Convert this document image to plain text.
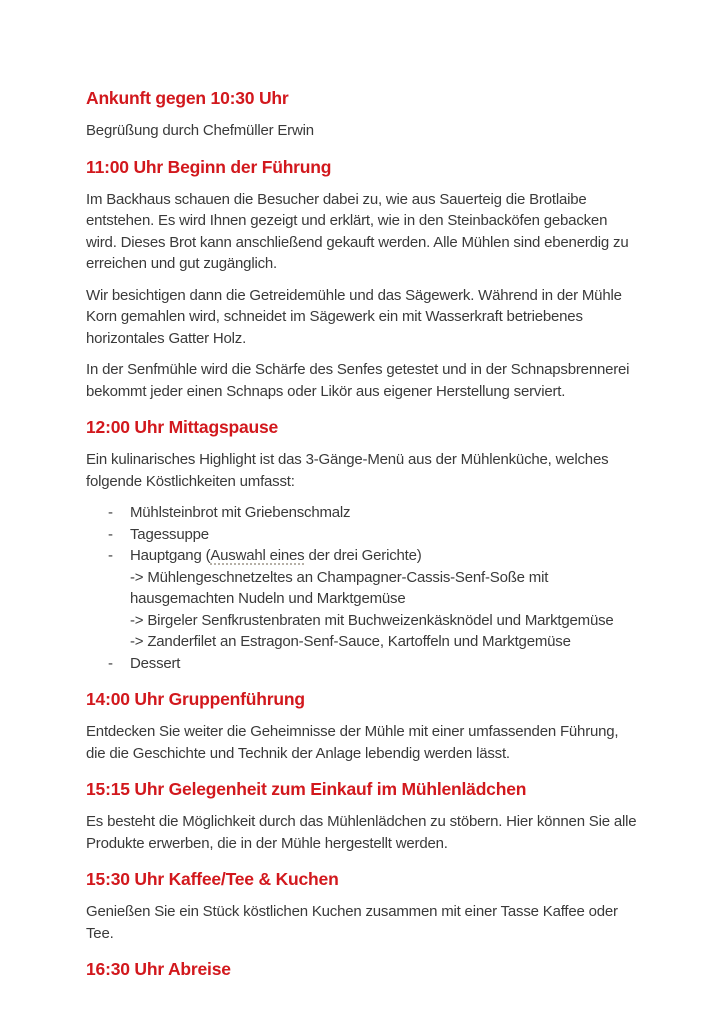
Ankunft gegen 10:30 Uhr

Begrüßung durch Chefmüller Erwin

11:00 Uhr Beginn der Führung

Im Backhaus schauen die Besucher dabei zu, wie aus Sauerteig die Brotlaibe entstehen. Es wird Ihnen gezeigt und erklärt, wie in den Steinbacköfen gebacken wird. Dieses Brot kann anschließend gekauft werden. Alle Mühlen sind ebenerdig zu erreichen und gut zugänglich.

Wir besichtigen dann die Getreidemühle und das Sägewerk. Während in der Mühle Korn gemahlen wird, schneidet im Sägewerk ein mit Wasserkraft betriebenes horizontales Gatter Holz.

In der Senfmühle wird die Schärfe des Senfes getestet und in der Schnapsbrennerei bekommt jeder einen Schnaps oder Likör aus eigener Herstellung serviert.

12:00 Uhr Mittagspause

Ein kulinarisches Highlight ist das 3-Gänge-Menü aus der Mühlenküche, welches folgende Köstlichkeiten umfasst:

- Mühlsteinbrot mit Griebenschmalz
- Tagessuppe
- Hauptgang (Auswahl eines der drei Gerichte)
-> Mühlengeschnetzeltes an Champagner-Cassis-Senf-Soße mit hausgemachten Nudeln und Marktgemüse
-> Birgeler Senfkrustenbraten mit Buchweizenkäsknödel und Marktgemüse
-> Zanderfilet an Estragon-Senf-Sauce, Kartoffeln und Marktgemüse
- Dessert
14:00 Uhr Gruppenführung

Entdecken Sie weiter die Geheimnisse der Mühle mit einer umfassenden Führung, die die Geschichte und Technik der Anlage lebendig werden lässt.

15:15 Uhr Gelegenheit zum Einkauf im Mühlenlädchen

Es besteht die Möglichkeit durch das Mühlenlädchen zu stöbern. Hier können Sie alle Produkte erwerben, die in der Mühle hergestellt werden.

15:30 Uhr Kaffee/Tee & Kuchen

Genießen Sie ein Stück köstlichen Kuchen zusammen mit einer Tasse Kaffee oder Tee.

16:30 Uhr Abreise
